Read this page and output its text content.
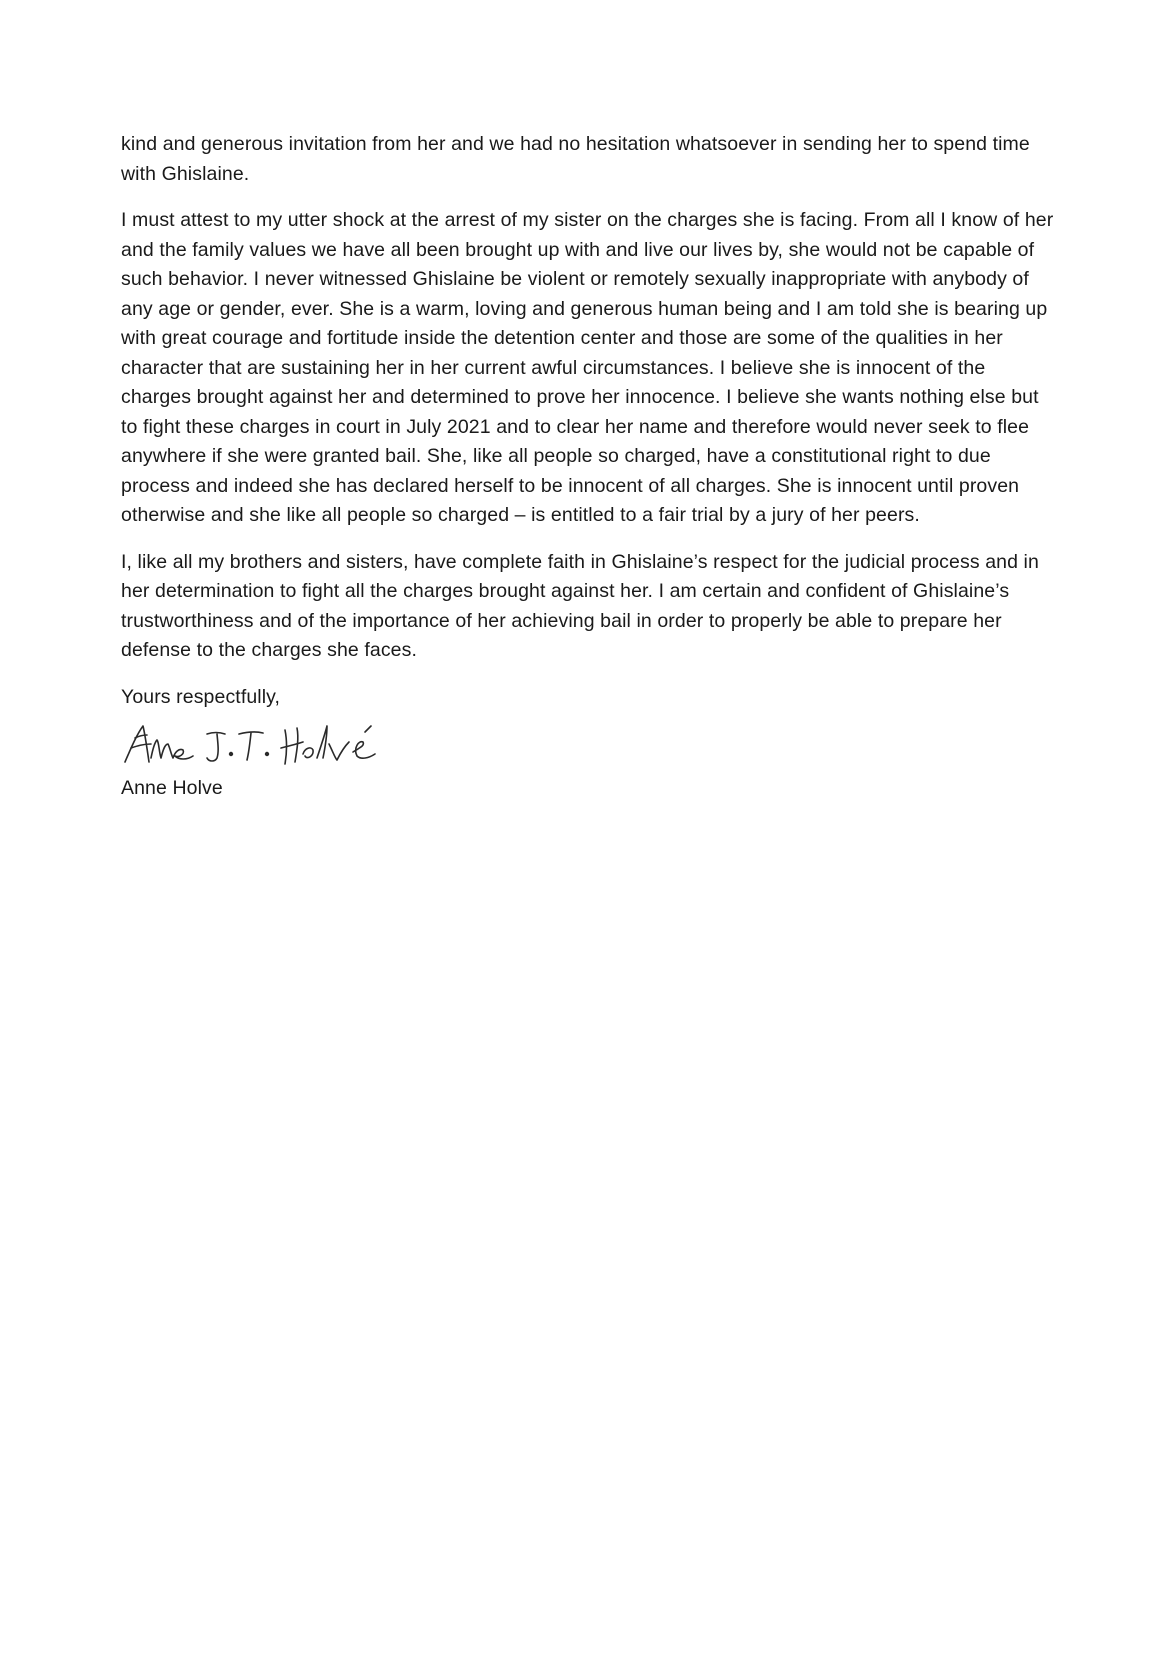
kind and generous invitation from her and we had no hesitation whatsoever in sending her to spend time with Ghislaine.

I must attest to my utter shock at the arrest of my sister on the charges she is facing. From all I know of her and the family values we have all been brought up with and live our lives by, she would not be capable of such behavior. I never witnessed Ghislaine be violent or remotely sexually inappropriate with anybody of any age or gender, ever. She is a warm, loving and generous human being and I am told she is bearing up with great courage and fortitude inside the detention center and those are some of the qualities in her character that are sustaining her in her current awful circumstances. I believe she is innocent of the charges brought against her and determined to prove her innocence. I believe she wants nothing else but to fight these charges in court in July 2021 and to clear her name and therefore would never seek to flee anywhere if she were granted bail. She, like all people so charged, have a constitutional right to due process and indeed she has declared herself to be innocent of all charges. She is innocent until proven otherwise and she like all people so charged – is entitled to a fair trial by a jury of her peers.

I, like all my brothers and sisters, have complete faith in Ghislaine’s respect for the judicial process and in her determination to fight all the charges brought against her. I am certain and confident of Ghislaine’s trustworthiness and of the importance of her achieving bail in order to properly be able to prepare her defense to the charges she faces.

Yours respectfully,

Anne Holve
